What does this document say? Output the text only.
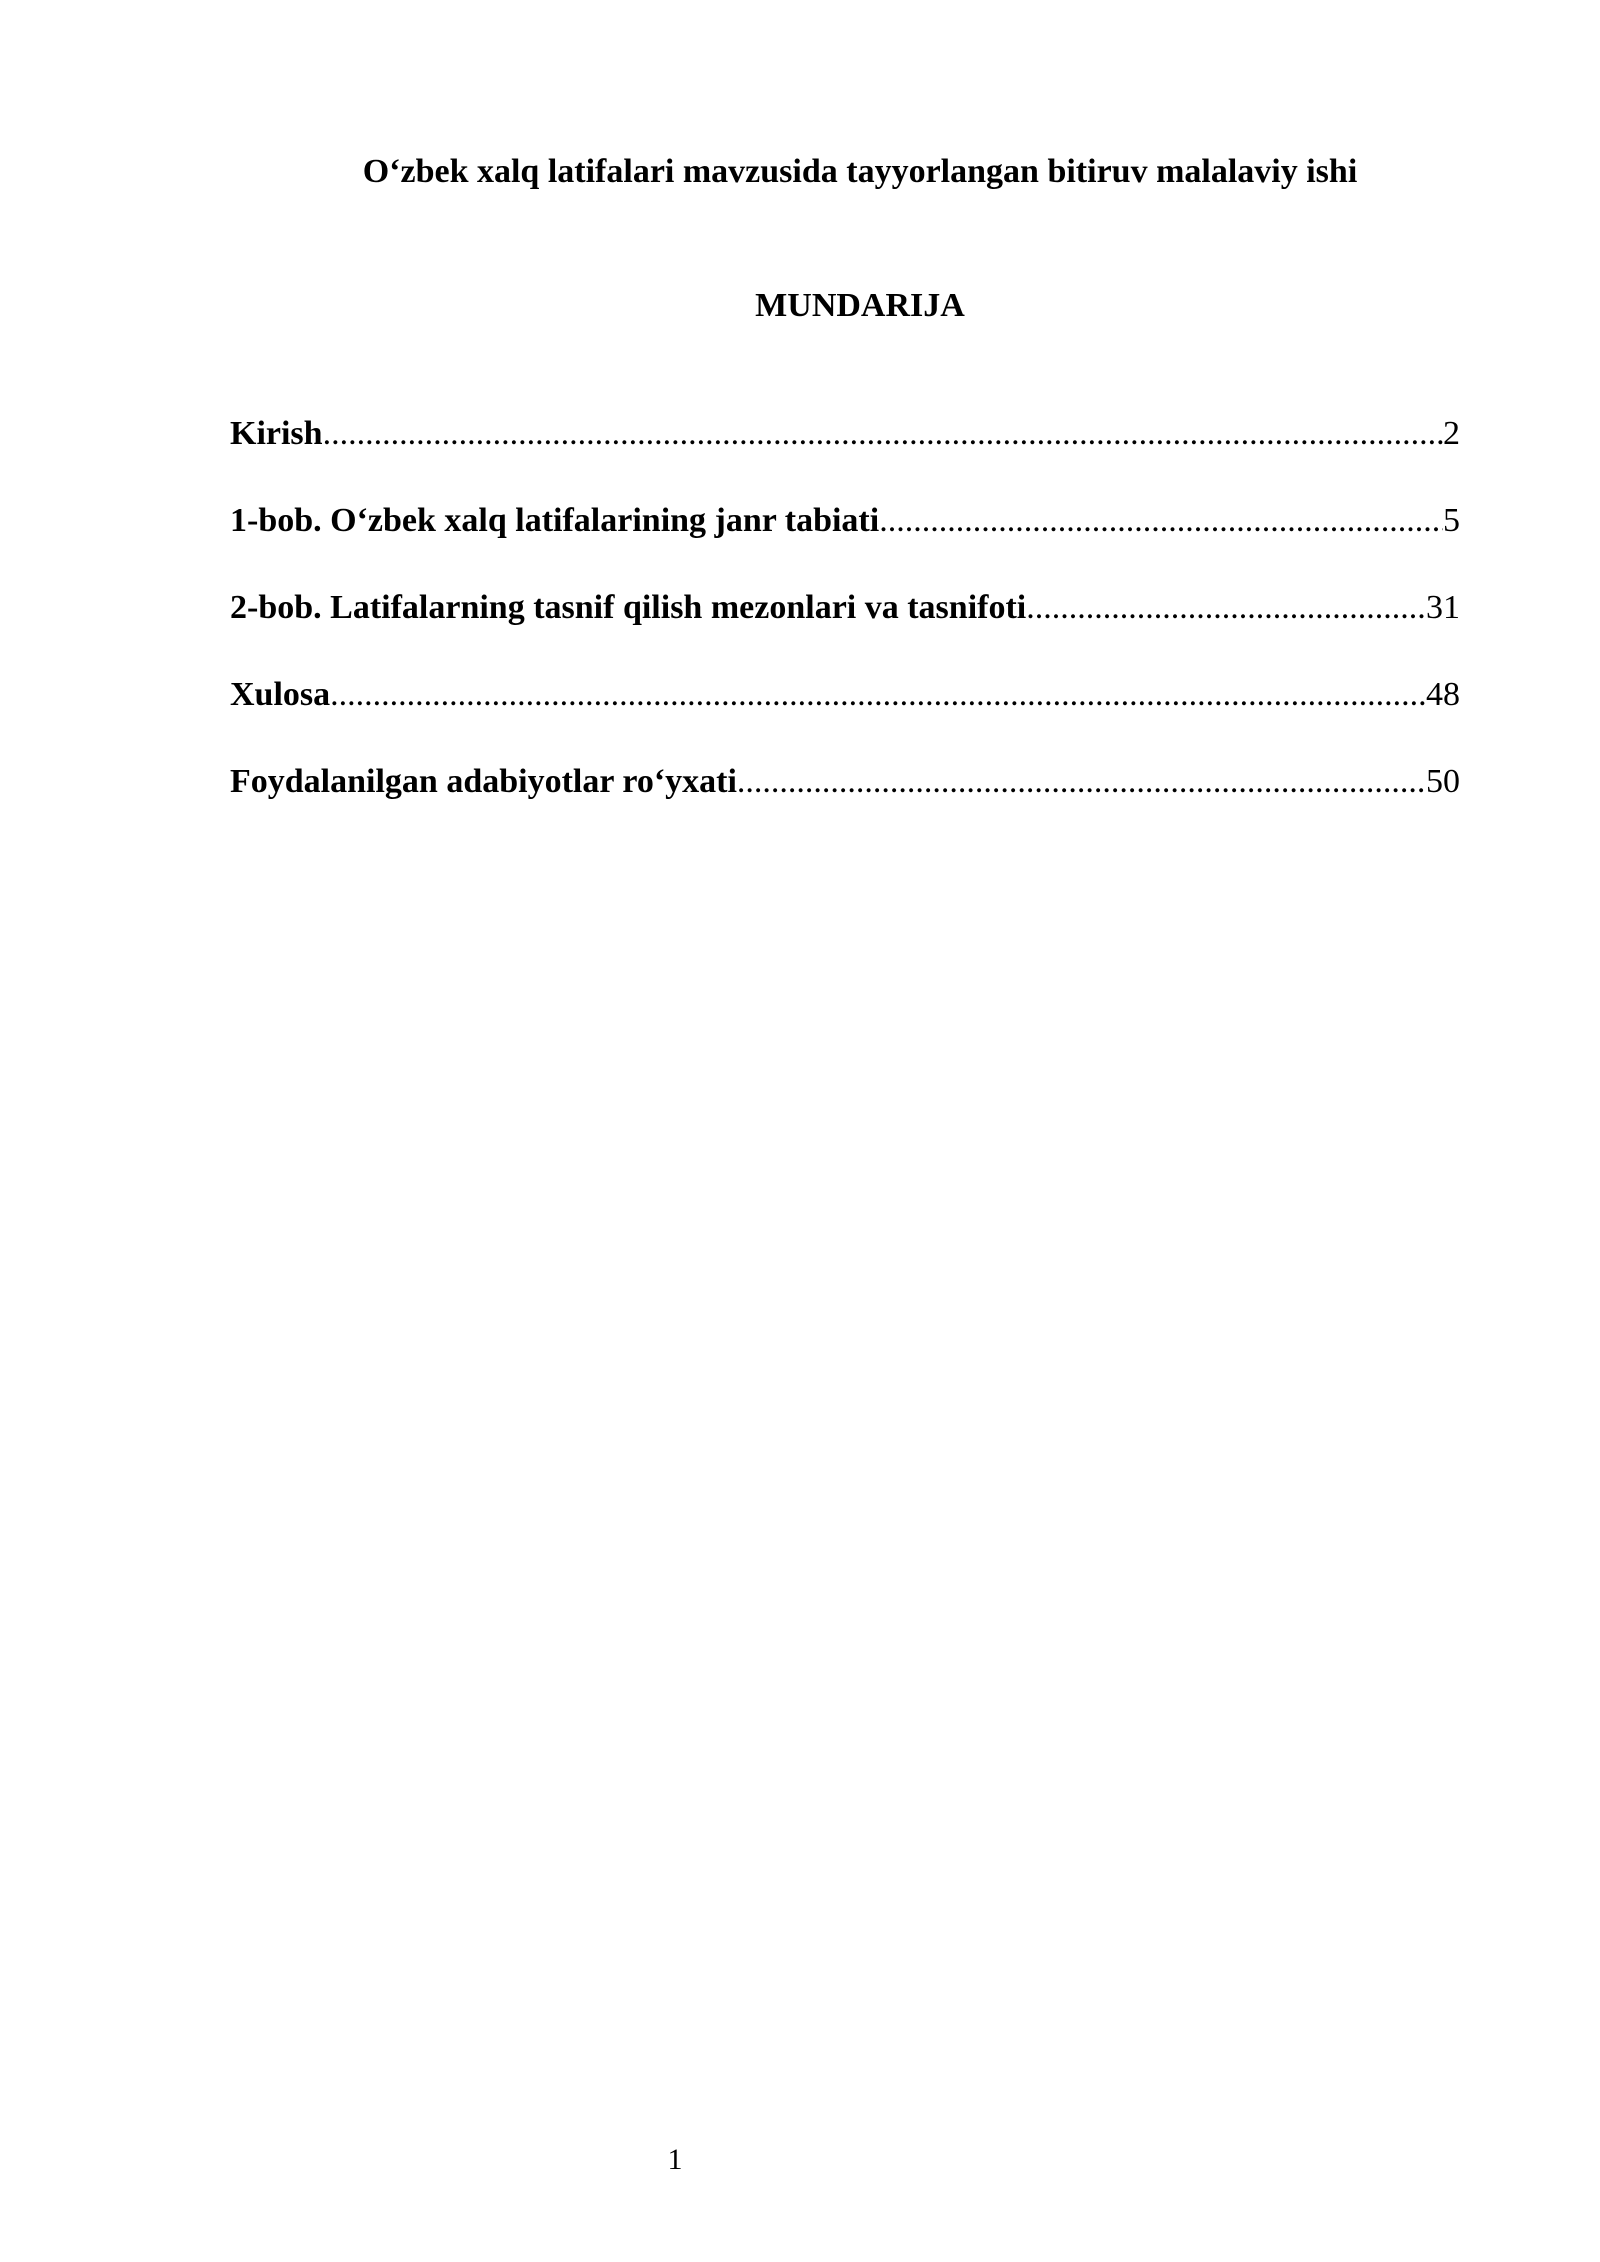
O‘zbek xalq latifalari mavzusida tayyorlangan bitiruv malalaviy ishi
MUNDARIJA
Kirish .....	2
1-bob. O‘zbek xalq latifalarining janr tabiati .....	5
2-bob. Latifalarning tasnif qilish mezonlari va tasnifoti .....	31
Xulosa .....	48
Foydalanilgan adabiyotlar ro‘yxati .....	50
1
